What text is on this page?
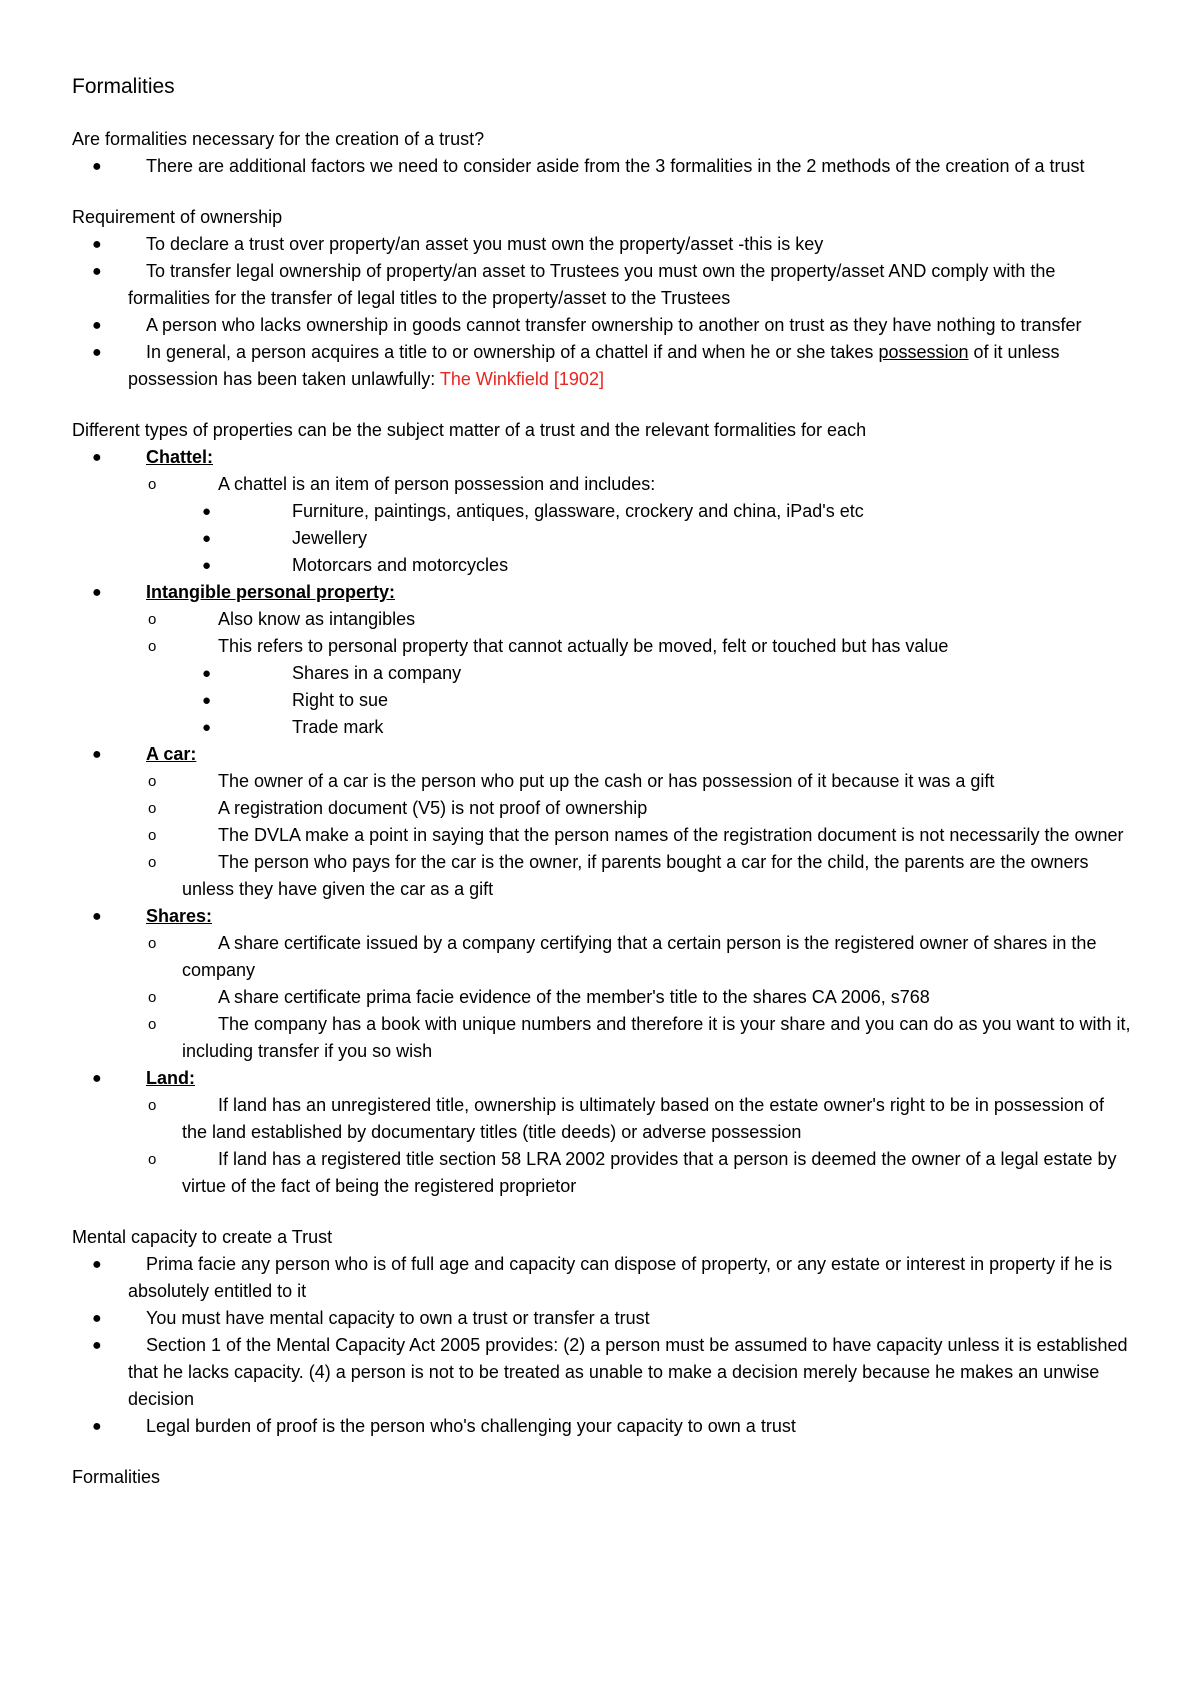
Formalities

Are formalities necessary for the creation of a trust?

● There are additional factors we need to consider aside from the 3 formalities in the 2 methods of the creation of a trust

Requirement of ownership

● To declare a trust over property/an asset you must own the property/asset -this is key
● To transfer legal ownership of property/an asset to Trustees you must own the property/asset AND comply with the formalities for the transfer of legal titles to the property/asset to the Trustees
● A person who lacks ownership in goods cannot transfer ownership to another on trust as they have nothing to transfer
● In general, a person acquires a title to or ownership of a chattel if and when he or she takes possession of it unless possession has been taken unlawfully: The Winkfield [1902]

Different types of properties can be the subject matter of a trust and the relevant formalities for each

● Chattel:
o	A chattel is an item of person possession and includes:
●	Furniture, paintings, antiques, glassware, crockery and china, iPad's etc
●	Jewellery
●	Motorcars and motorcycles
● Intangible personal property:
o	Also know as intangibles
o	This refers to personal property that cannot actually be moved, felt or touched but has value
●	Shares in a company
●	Right to sue
●	Trade mark
● A car:
o	The owner of a car is the person who put up the cash or has possession of it because it was a gift
o	A registration document (V5) is not proof of ownership
o	The DVLA make a point in saying that the person names of the registration document is not necessarily the owner
o	The person who pays for the car is the owner, if parents bought a car for the child, the parents are the owners unless they have given the car as a gift
● Shares:
o	A share certificate issued by a company certifying that a certain person is the registered owner of shares in the company
o	A share certificate prima facie evidence of the member's title to the shares CA 2006, s768
o	The company has a book with unique numbers and therefore it is your share and you can do as you want to with it, including transfer if you so wish
● Land:
o	If land has an unregistered title, ownership is ultimately based on the estate owner's right to be in possession of the land established by documentary titles (title deeds) or adverse possession
o	If land has a registered title section 58 LRA 2002 provides that a person is deemed the owner of a legal estate by virtue of the fact of being the registered proprietor

Mental capacity to create a Trust

● Prima facie any person who is of full age and capacity can dispose of property, or any estate or interest in property if he is absolutely entitled to it
● You must have mental capacity to own a trust or transfer a trust
● Section 1 of the Mental Capacity Act 2005 provides: (2) a person must be assumed to have capacity unless it is established that he lacks capacity. (4) a person is not to be treated as unable to make a decision merely because he makes an unwise decision
● Legal burden of proof is the person who's challenging your capacity to own a trust

Formalities
